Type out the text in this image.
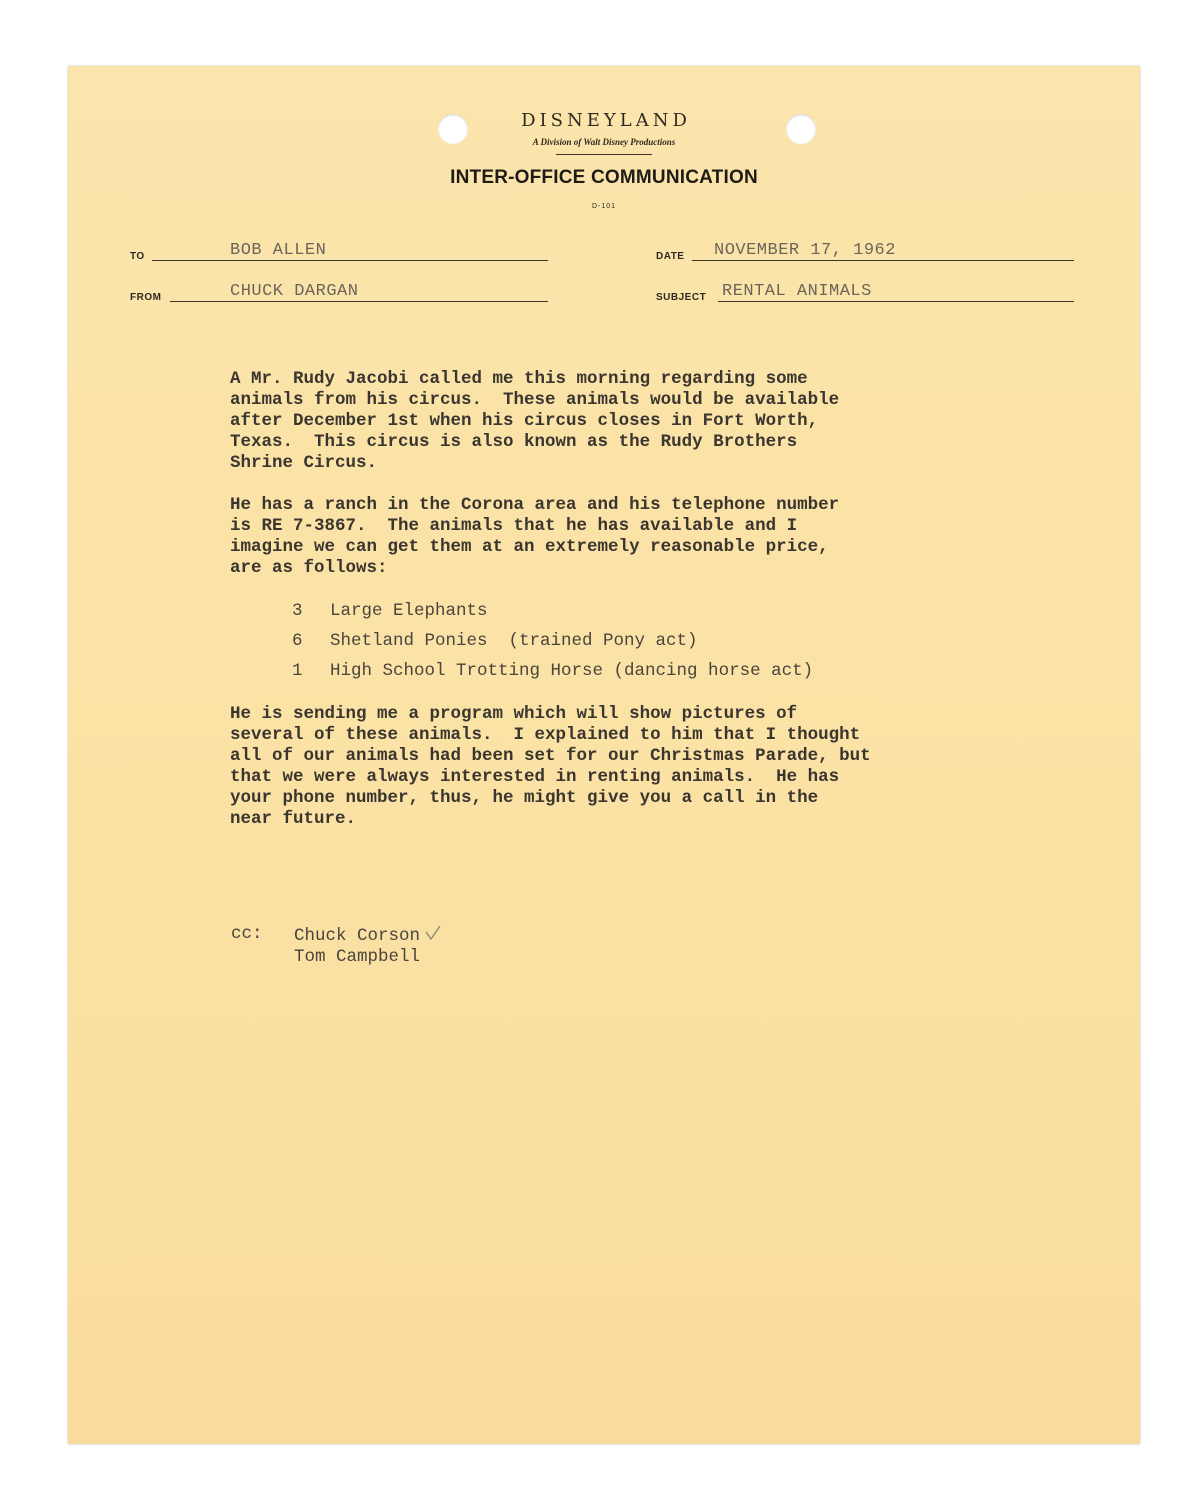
DISNEYLAND
A Division of Walt Disney Productions
INTER-OFFICE COMMUNICATION
D-101
TO	BOB ALLEN	DATE NOVEMBER 17, 1962
FROM	CHUCK DARGAN	SUBJECT RENTAL ANIMALS
A Mr. Rudy Jacobi called me this morning regarding some
animals from his circus.  These animals would be available
after December 1st when his circus closes in Fort Worth,
Texas.  This circus is also known as the Rudy Brothers
Shrine Circus.
He has a ranch in the Corona area and his telephone number
is RE 7-3867.  The animals that he has available and I
imagine we can get them at an extremely reasonable price,
are as follows:
3 Large Elephants
6 Shetland Ponies  (trained Pony act)
1 High School Trotting Horse (dancing horse act)
He is sending me a program which will show pictures of
several of these animals.  I explained to him that I thought
all of our animals had been set for our Christmas Parade, but
that we were always interested in renting animals.  He has
your phone number, thus, he might give you a call in the
near future.
cc: Chuck Corson
Tom Campbell
